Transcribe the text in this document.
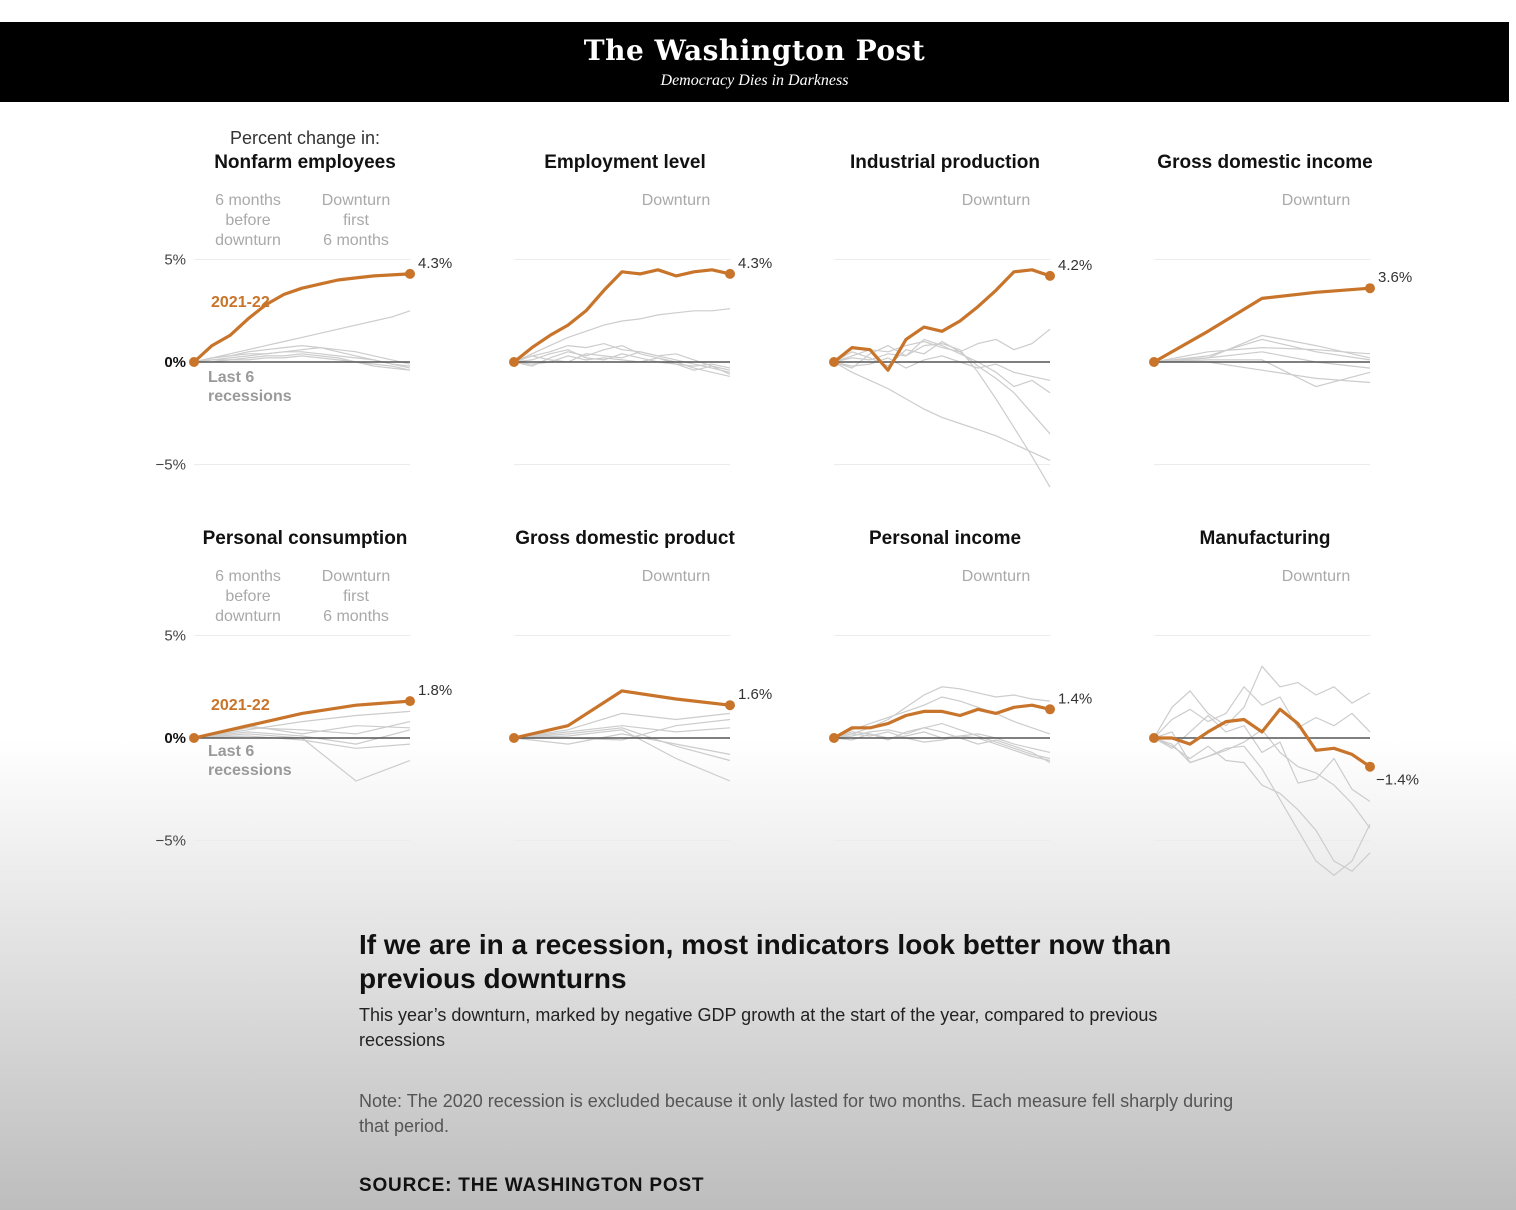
The Washington Post
Democracy Dies in Darkness
Nonfarm employees
6 months
before
downturn
Downturn
first
6 months
5%
0%
−5%
4.3%
2021-22
Last 6
recessions
Employment level
Downturn
4.3%
Industrial production
Downturn
4.2%
Gross domestic income
Downturn
3.6%
Personal consumption
6 months
before
downturn
Downturn
first
6 months
5%
0%
−5%
1.8%
2021-22
Last 6
recessions
Gross domestic product
Downturn
1.6%
Personal income
Downturn
1.4%
Manufacturing
Downturn
−1.4%
Percent change in:
If we are in a recession, most indicators look better now than previous downturns
This year’s downturn, marked by negative GDP growth at the start of the year, compared to previous recessions
Note: The 2020 recession is excluded because it only lasted for two months. Each measure fell sharply during that period.
SOURCE: THE WASHINGTON POST
